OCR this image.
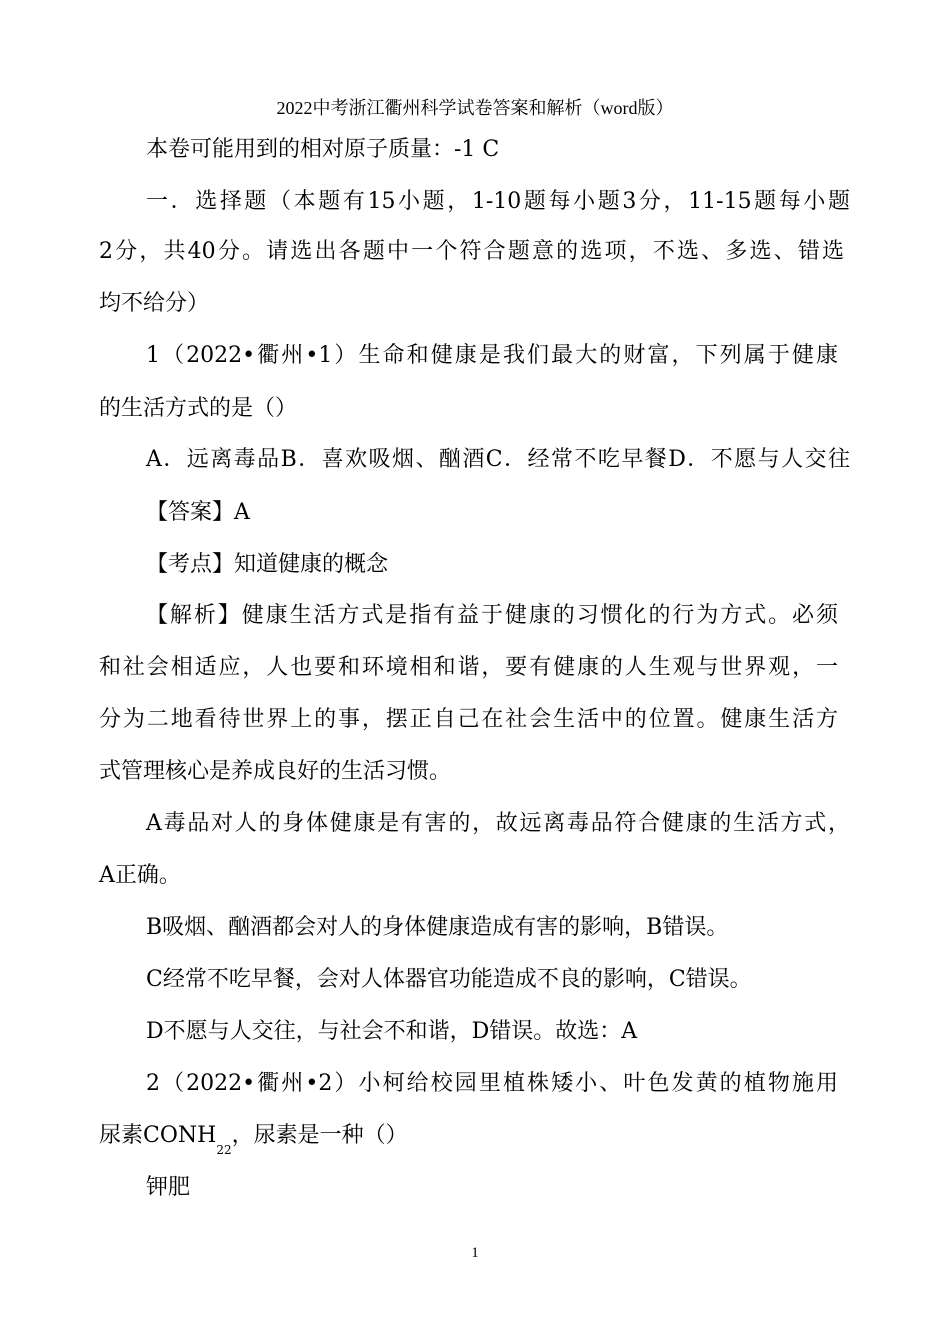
2022中考浙江衢州科学试卷答案和解析（word版）
本卷可能用到的相对原子质量：-1 C
一．选择题（本题有15小题，1-10题每小题3分，11-15题每小题
2分，共40分。请选出各题中一个符合题意的选项，不选、多选、错选
均不给分）
1（2022•衢州•1）生命和健康是我们最大的财富，下列属于健康
的生活方式的是（）
A．远离毒品B．喜欢吸烟、酗酒C．经常不吃早餐D．不愿与人交往
【答案】A
【考点】知道健康的概念
【解析】健康生活方式是指有益于健康的习惯化的行为方式。必须
和社会相适应，人也要和环境相和谐，要有健康的人生观与世界观，一
分为二地看待世界上的事，摆正自己在社会生活中的位置。健康生活方
式管理核心是养成良好的生活习惯。
A毒品对人的身体健康是有害的，故远离毒品符合健康的生活方式，
A正确。
B吸烟、酗酒都会对人的身体健康造成有害的影响，B错误。
C经常不吃早餐，会对人体器官功能造成不良的影响，C错误。
D不愿与人交往，与社会不和谐，D错误。故选：A
2（2022•衢州•2）小柯给校园里植株矮小、叶色发黄的植物施用
尿素$CONH_{22}$，尿素是一种（）
钾肥
1
